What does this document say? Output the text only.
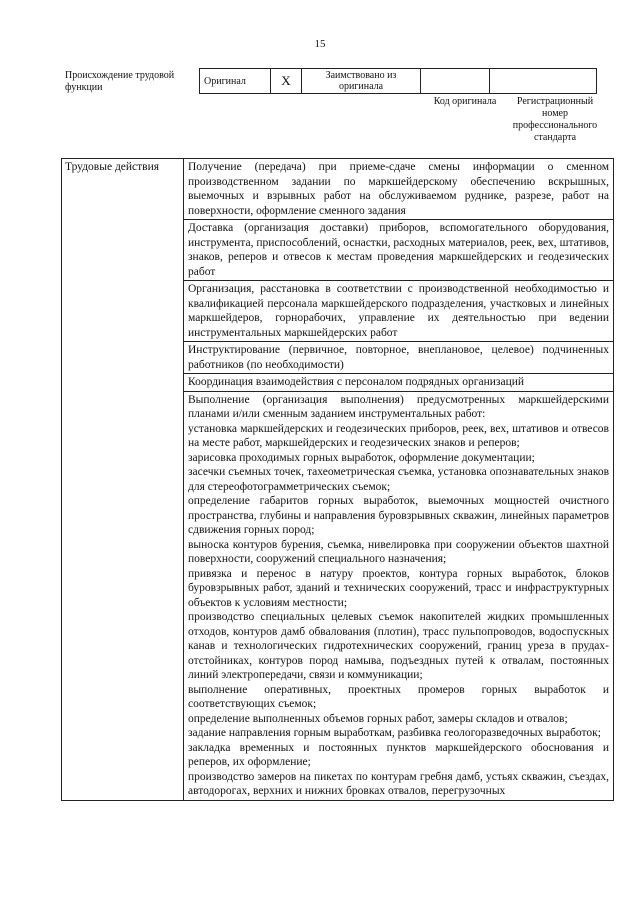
15
Происхождение трудовой функции
Оригинал	X	Заимствовано из оригинала		
Код оригинала	Регистрационный номер профессионального стандарта
Трудовые действия	Получение (передача) при приеме-сдаче смены информации о сменном производственном задании по маркшейдерскому обеспечению вскрышных, выемочных и взрывных работ на обслуживаемом руднике, разрезе, работ на поверхности, оформление сменного задания

Доставка (организация доставки) приборов, вспомогательного оборудования, инструмента, приспособлений, оснастки, расходных материалов, реек, вех, штативов, знаков, реперов и отвесов к местам проведения маркшейдерских и геодезических работ

Организация, расстановка в соответствии с производственной необходимостью и квалификацией персонала маркшейдерского подразделения, участковых и линейных маркшейдеров, горнорабочих, управление их деятельностью при ведении инструментальных маркшейдерских работ

Инструктирование (первичное, повторное, внеплановое, целевое) подчиненных работников (по необходимости)

Координация взаимодействия с персоналом подрядных организаций

Выполнение (организация выполнения) предусмотренных маркшейдерскими планами и/или сменным заданием инструментальных работ:

установка маркшейдерских и геодезических приборов, реек, вех, штативов и отвесов на месте работ, маркшейдерских и геодезических знаков и реперов;

зарисовка проходимых горных выработок, оформление документации;

засечки съемных точек, тахеометрическая съемка, установка опознавательных знаков для стереофотограмметрических съемок;

определение габаритов горных выработок, выемочных мощностей очистного пространства, глубины и направления буровзрывных скважин, линейных параметров сдвижения горных пород;

выноска контуров бурения, съемка, нивелировка при сооружении объектов шахтной поверхности, сооружений специального назначения;

привязка и перенос в натуру проектов, контура горных выработок, блоков буровзрывных работ, зданий и технических сооружений, трасс и инфраструктурных объектов к условиям местности;

производство специальных целевых съемок накопителей жидких промышленных отходов, контуров дамб обвалования (плотин), трасс пульпопроводов, водоспускных канав и технологических гидротехнических сооружений, границ уреза в прудах-отстойниках, контуров пород намыва, подъездных путей к отвалам, постоянных линий электропередачи, связи и коммуникации;

выполнение оперативных, проектных промеров горных выработок и соответствующих съемок;

определение выполненных объемов горных работ, замеры складов и отвалов;

задание направления горным выработкам, разбивка геологоразведочных выработок;

закладка временных и постоянных пунктов маркшейдерского обоснования и реперов, их оформление;

производство замеров на пикетах по контурам гребня дамб, устьях скважин, съездах, автодорогах, верхних и нижних бровках отвалов, перегрузочных
